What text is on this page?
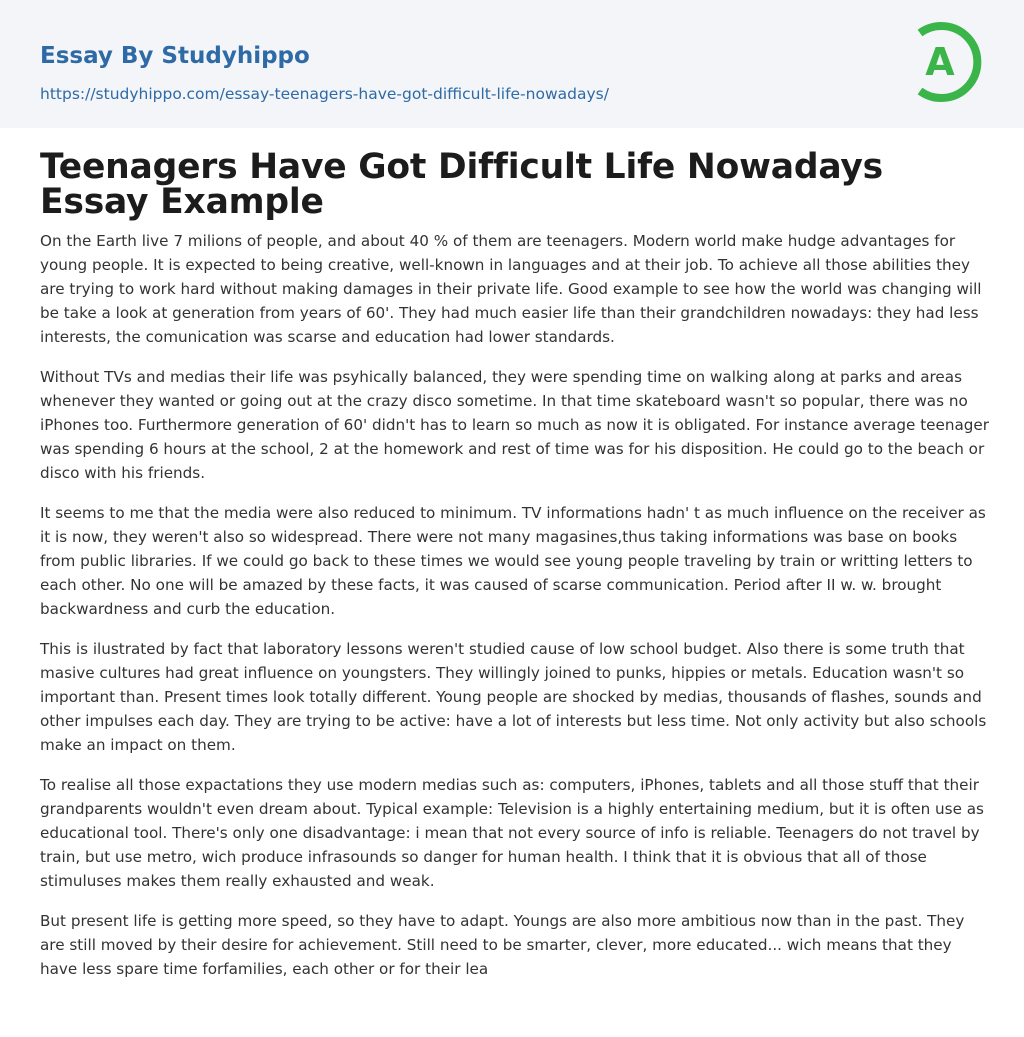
Essay By Studyhippo
https://studyhippo.com/essay-teenagers-have-got-difficult-life-nowadays/
A
Teenagers Have Got Difficult Life Nowadays Essay Example

On the Earth live 7 milions of people, and about 40 % of them are teenagers. Modern world make hudge advantages for young people. It is expected to being creative, well-known in languages and at their job. To achieve all those abilities they are trying to work hard without making damages in their private life. Good example to see how the world was changing will be take a look at generation from years of 60'. They had much easier life than their grandchildren nowadays: they had less interests, the comunication was scarse and education had lower standards.

Without TVs and medias their life was psyhically balanced, they were spending time on walking along at parks and areas whenever they wanted or going out at the crazy disco sometime. In that time skateboard wasn't so popular, there was no iPhones too. Furthermore generation of 60' didn't has to learn so much as now it is obligated. For instance average teenager was spending 6 hours at the school, 2 at the homework and rest of time was for his disposition. He could go to the beach or disco with his friends.

It seems to me that the media were also reduced to minimum. TV informations hadn' t as much influence on the receiver as it is now, they weren't also so widespread. There were not many magasines,thus taking informations was base on books from public libraries. If we could go back to these times we would see young people traveling by train or writting letters to each other. No one will be amazed by these facts, it was caused of scarse communication. Period after II w. w. brought backwardness and curb the education.

This is ilustrated by fact that laboratory lessons weren't studied cause of low school budget. Also there is some truth that masive cultures had great influence on youngsters. They willingly joined to punks, hippies or metals. Education wasn't so important than. Present times look totally different. Young people are shocked by medias, thousands of flashes, sounds and other impulses each day. They are trying to be active: have a lot of interests but less time. Not only activity but also schools make an impact on them.

To realise all those expactations they use modern medias such as: computers, iPhones, tablets and all those stuff that their grandparents wouldn't even dream about. Typical example: Television is a highly entertaining medium, but it is often use as educational tool. There's only one disadvantage: i mean that not every source of info is reliable. Teenagers do not travel by train, but use metro, wich produce infrasounds so danger for human health. I think that it is obvious that all of those stimuluses makes them really exhausted and weak.

But present life is getting more speed, so they have to adapt. Youngs are also more ambitious now than in the past. They are still moved by their desire for achievement. Still need to be smarter, clever, more educated... wich means that they have less spare time forfamilies, each other or for their lea
